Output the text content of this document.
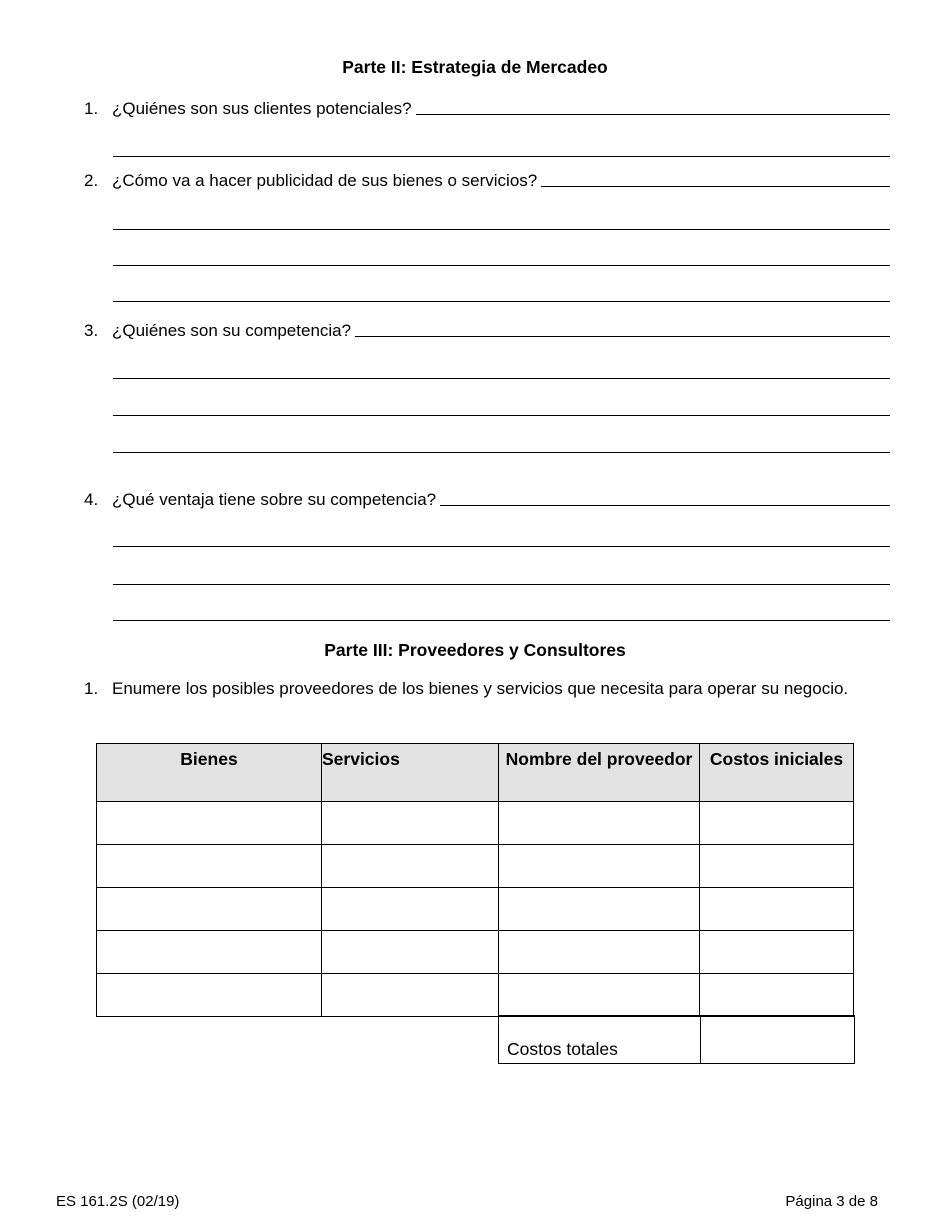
Parte II: Estrategia de Mercadeo
1. ¿Quiénes son sus clientes potenciales?
2. ¿Cómo va a hacer publicidad de sus bienes o servicios?
3. ¿Quiénes son su competencia?
4. ¿Qué ventaja tiene sobre su competencia?
Parte III: Proveedores y Consultores
1. Enumere los posibles proveedores de los bienes y servicios que necesita para operar su negocio.
Bienes	Servicios	Nombre del proveedor	Costos iniciales

Costos totales	
ES 161.2S (02/19)	Página 3 de 8
